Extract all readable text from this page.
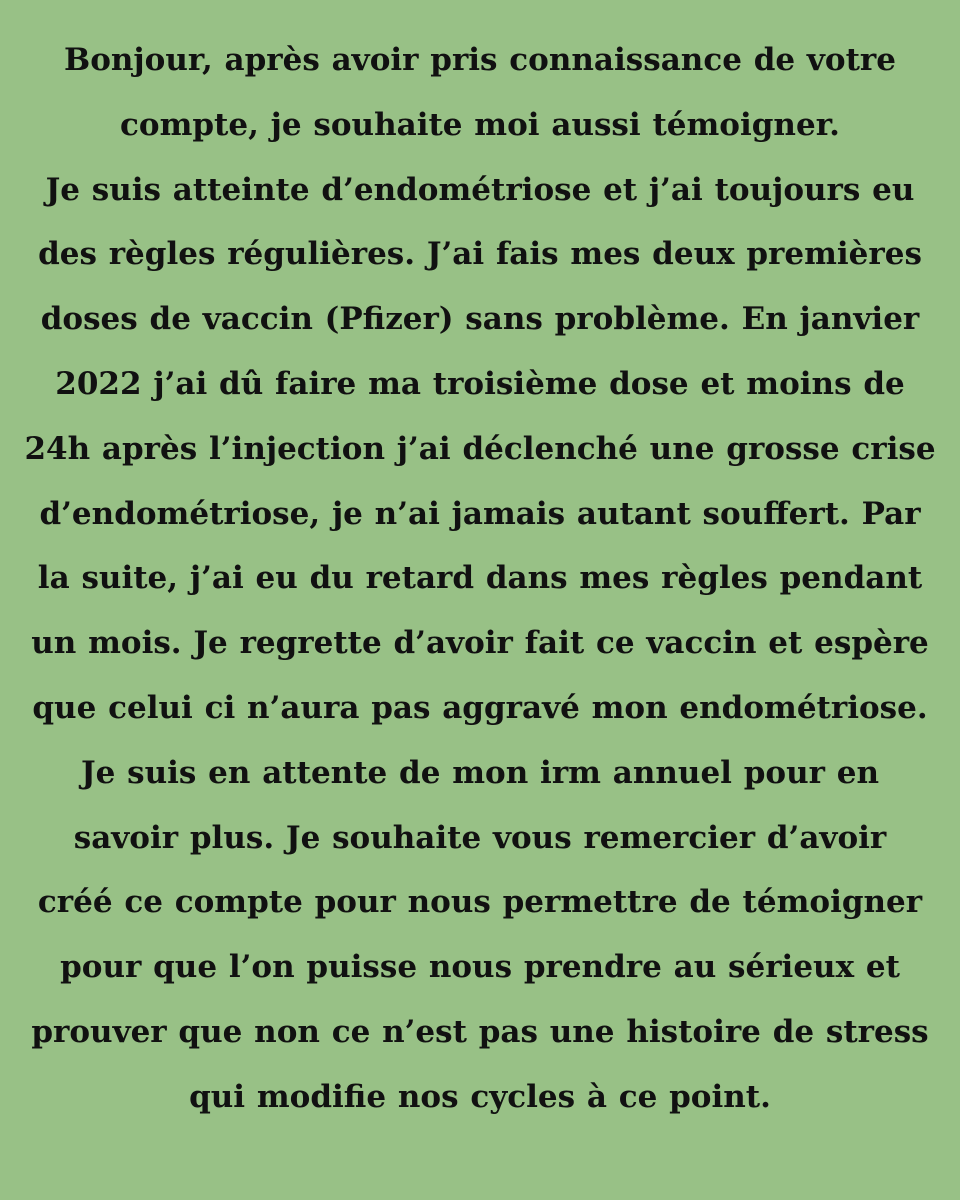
Bonjour, après avoir pris connaissance de votre
compte, je souhaite moi aussi témoigner.
Je suis atteinte d’endométriose et j’ai toujours eu
des règles régulières. J’ai fais mes deux premières
doses de vaccin (Pfizer) sans problème. En janvier
2022 j’ai dû faire ma troisième dose et moins de
24h après l’injection j’ai déclenché une grosse crise
d’endométriose, je n’ai jamais autant souffert. Par
la suite, j’ai eu du retard dans mes règles pendant
un mois. Je regrette d’avoir fait ce vaccin et espère
que celui ci n’aura pas aggravé mon endométriose.
Je suis en attente de mon irm annuel pour en
savoir plus. Je souhaite vous remercier d’avoir
créé ce compte pour nous permettre de témoigner
pour que l’on puisse nous prendre au sérieux et
prouver que non ce n’est pas une histoire de stress
qui modifie nos cycles à ce point.
